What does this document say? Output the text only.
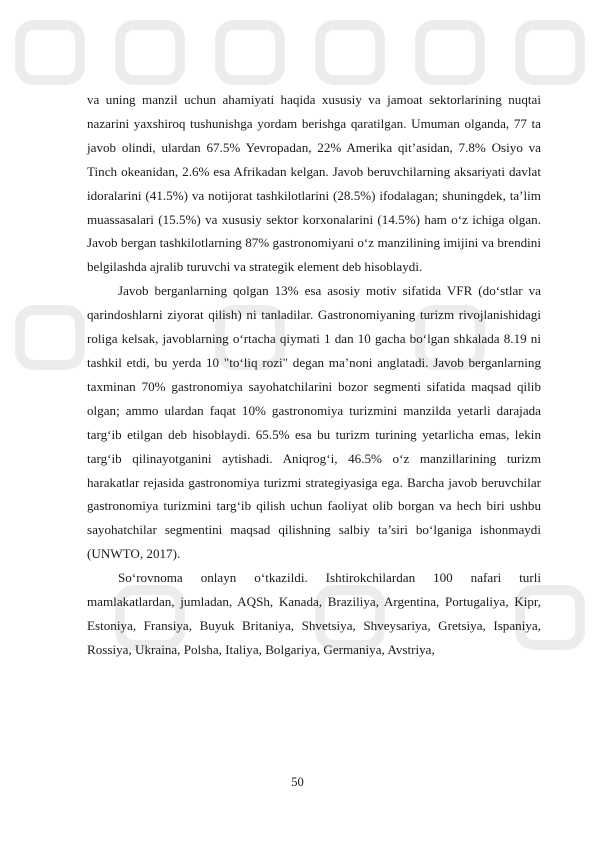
va uning manzil uchun ahamiyati haqida xususiy va jamoat sektorlarining nuqtai nazarini yaxshiroq tushunishga yordam berishga qaratilgan. Umuman olganda, 77 ta javob olindi, ulardan 67.5% Yevropadan, 22% Amerika qit’asidan, 7.8% Osiyo va Tinch okeanidan, 2.6% esa Afrikadan kelgan. Javob beruvchilarning aksariyati davlat idoralarini (41.5%) va notijorat tashkilotlarini (28.5%) ifodalagan; shuningdek, ta’lim muassasalari (15.5%) va xususiy sektor korxonalarini (14.5%) ham o‘z ichiga olgan. Javob bergan tashkilotlarning 87% gastronomiyani o‘z manzilining imijini va brendini belgilashda ajralib turuvchi va strategik element deb hisoblaydi.

Javob berganlarning qolgan 13% esa asosiy motiv sifatida VFR (do‘stlar va qarindoshlarni ziyorat qilish) ni tanladilar. Gastronomiyaning turizm rivojlanishidagi roliga kelsak, javoblarning o‘rtacha qiymati 1 dan 10 gacha bo‘lgan shkalada 8.19 ni tashkil etdi, bu yerda 10 "to‘liq rozi" degan ma’noni anglatadi. Javob berganlarning taxminan 70% gastronomiya sayohatchilarini bozor segmenti sifatida maqsad qilib olgan; ammo ulardan faqat 10% gastronomiya turizmini manzilda yetarli darajada targ‘ib etilgan deb hisoblaydi. 65.5% esa bu turizm turining yetarlicha emas, lekin targ‘ib qilinayotganini aytishadi. Aniqrog‘i, 46.5% o‘z manzillarining turizm harakatlar rejasida gastronomiya turizmi strategiyasiga ega. Barcha javob beruvchilar gastronomiya turizmini targ‘ib qilish uchun faoliyat olib borgan va hech biri ushbu sayohatchilar segmentini maqsad qilishning salbiy ta’siri bo‘lganiga ishonmaydi (UNWTO, 2017).

So‘rovnoma onlayn o‘tkazildi. Ishtirokchilardan 100 nafari turli mamlakatlardan, jumladan, AQSh, Kanada, Braziliya, Argentina, Portugaliya, Kipr, Estoniya, Fransiya, Buyuk Britaniya, Shvetsiya, Shveysariya, Gretsiya, Ispaniya, Rossiya, Ukraina, Polsha, Italiya, Bolgariya, Germaniya, Avstriya,

50
